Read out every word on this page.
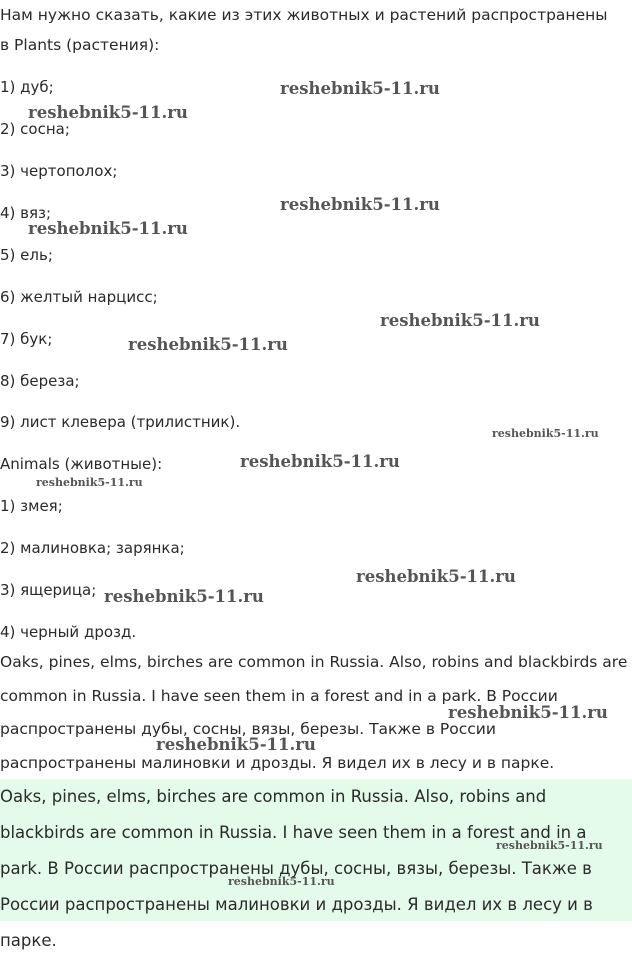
Нам нужно сказать, какие из этих животных и растений распространены в Plants (растения):
1) дуб;
2) сосна;
3) чертополох;
4) вяз;
5) ель;
6) желтый нарцисс;
7) бук;
8) береза;
9) лист клевера (трилистник).
Animals (животные):
1) змея;
2) малиновка; зарянка;
3) ящерица;
4) черный дрозд.
Oaks, pines, elms, birches are common in Russia. Also, robins and blackbirds are common in Russia. I have seen them in a forest and in a park. В России распространены дубы, сосны, вязы, березы. Также в России распространены малиновки и дрозды. Я видел их в лесу и в парке.
Oaks, pines, elms, birches are common in Russia. Also, robins and blackbirds are common in Russia. I have seen them in a forest and in a park. В России распространены дубы, сосны, вязы, березы. Также в России распространены малиновки и дрозды. Я видел их в лесу и в парке.
reshebnik5-11.ru
reshebnik5-11.ru
reshebnik5-11.ru
reshebnik5-11.ru
reshebnik5-11.ru
reshebnik5-11.ru
reshebnik5-11.ru
reshebnik5-11.ru
reshebnik5-11.ru
reshebnik5-11.ru
reshebnik5-11.ru
reshebnik5-11.ru
reshebnik5-11.ru
reshebnik5-11.ru
reshebnik5-11.ru
